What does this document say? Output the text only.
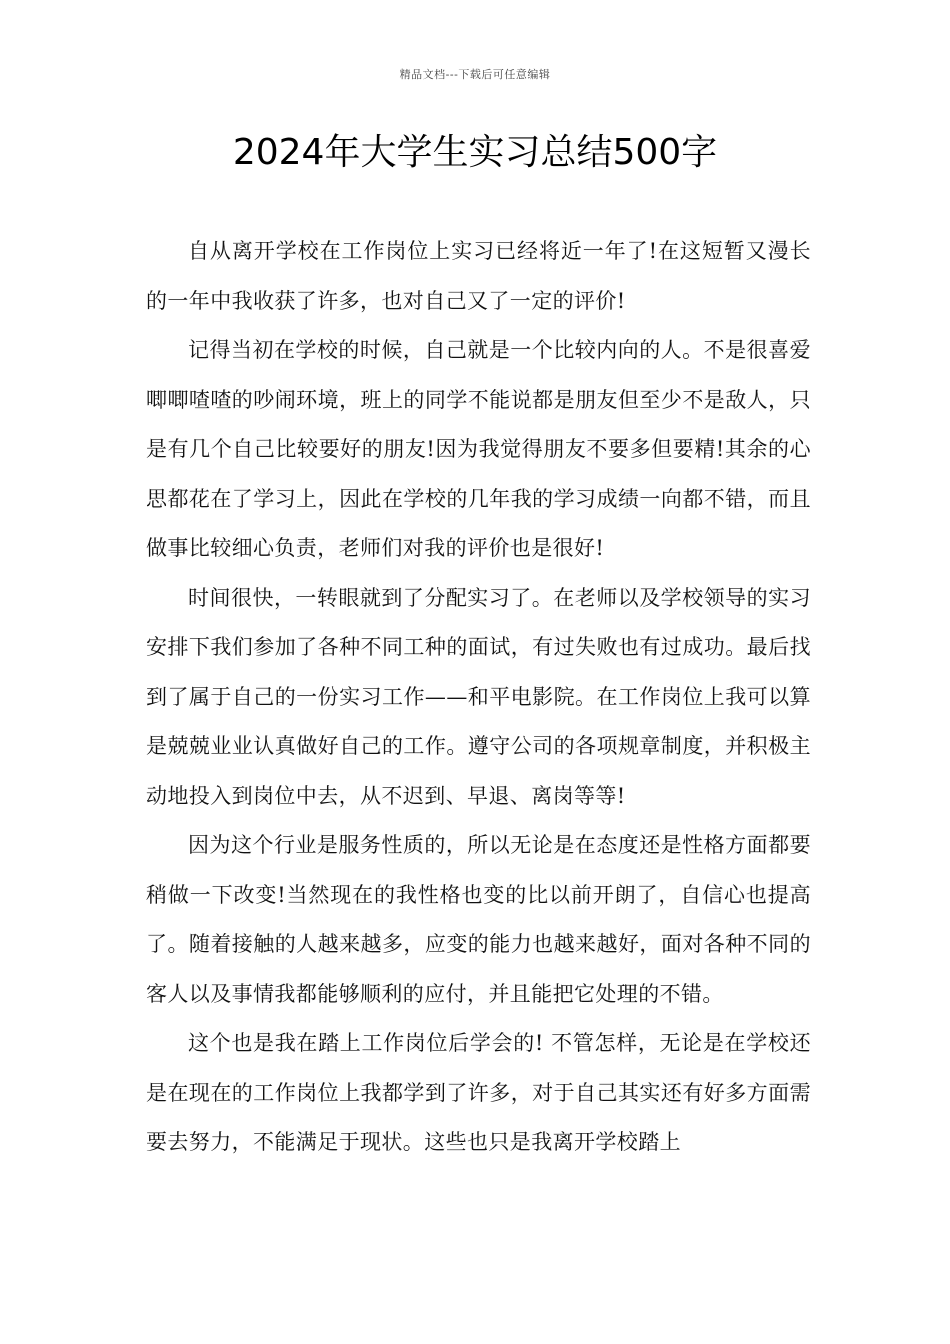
精品文档---下载后可任意编辑
2024年大学生实习总结500字

自从离开学校在工作岗位上实习已经将近一年了!在这短暂又漫长的一年中我收获了许多，也对自己又了一定的评价!

记得当初在学校的时候，自己就是一个比较内向的人。不是很喜爱唧唧喳喳的吵闹环境，班上的同学不能说都是朋友但至少不是敌人，只是有几个自己比较要好的朋友!因为我觉得朋友不要多但要精!其余的心思都花在了学习上，因此在学校的几年我的学习成绩一向都不错，而且做事比较细心负责，老师们对我的评价也是很好!

时间很快，一转眼就到了分配实习了。在老师以及学校领导的实习安排下我们参加了各种不同工种的面试，有过失败也有过成功。最后找到了属于自己的一份实习工作——和平电影院。在工作岗位上我可以算是兢兢业业认真做好自己的工作。遵守公司的各项规章制度，并积极主动地投入到岗位中去，从不迟到、早退、离岗等等!

因为这个行业是服务性质的，所以无论是在态度还是性格方面都要稍做一下改变!当然现在的我性格也变的比以前开朗了，自信心也提高了。随着接触的人越来越多，应变的能力也越来越好，面对各种不同的客人以及事情我都能够顺利的应付，并且能把它处理的不错。

这个也是我在踏上工作岗位后学会的! 不管怎样，无论是在学校还是在现在的工作岗位上我都学到了许多，对于自己其实还有好多方面需要去努力，不能满足于现状。这些也只是我离开学校踏上
